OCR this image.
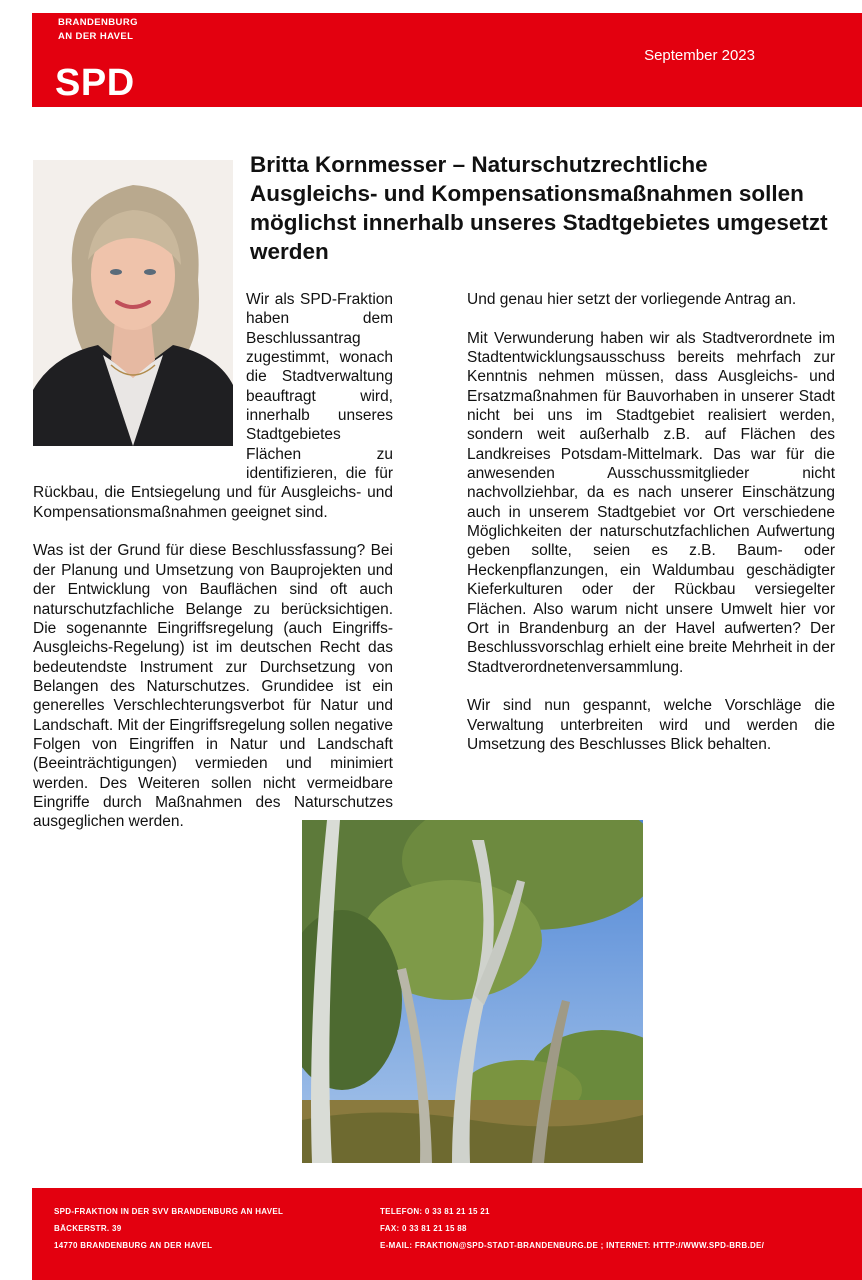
BRANDENBURG
AN DER HAVEL
SPD
September 2023
Britta Kornmesser – Naturschutzrechtliche Ausgleichs- und Kompensationsmaßnahmen sollen möglichst innerhalb unseres Stadtgebietes umgesetzt werden

Wir als SPD-Fraktion haben dem Beschlussantrag zugestimmt, wonach die Stadtverwaltung beauftragt wird, innerhalb unseres Stadtgebietes Flächen zu identifizieren, die für Rückbau, die Entsiegelung und für Ausgleichs- und Kompensationsmaßnahmen geeignet sind.

Was ist der Grund für diese Beschlussfassung? Bei der Planung und Umsetzung von Bauprojekten und der Entwicklung von Bauflächen sind oft auch naturschutzfachliche Belange zu berücksichtigen. Die sogenannte Eingriffsregelung (auch Eingriffs-Ausgleichs-Regelung) ist im deutschen Recht das bedeutendste Instrument zur Durchsetzung von Belangen des Naturschutzes. Grundidee ist ein generelles Verschlechterungsverbot für Natur und Landschaft. Mit der Eingriffsregelung sollen negative Folgen von Eingriffen in Natur und Landschaft (Beeinträchtigungen) vermieden und minimiert werden. Des Weiteren sollen nicht vermeidbare Eingriffe durch Maßnahmen des Naturschutzes ausgeglichen werden.

Und genau hier setzt der vorliegende Antrag an.

Mit Verwunderung haben wir als Stadtverordnete im Stadtentwicklungsausschuss bereits mehrfach zur Kenntnis nehmen müssen, dass Ausgleichs- und Ersatzmaßnahmen für Bauvorhaben in unserer Stadt nicht bei uns im Stadtgebiet realisiert werden, sondern weit außerhalb z.B. auf Flächen des Landkreises Potsdam-Mittelmark. Das war für die anwesenden Ausschussmitglieder nicht nachvollziehbar, da es nach unserer Einschätzung auch in unserem Stadtgebiet vor Ort verschiedene Möglichkeiten der naturschutzfachlichen Aufwertung geben sollte, seien es z.B. Baum- oder Heckenpflanzungen, ein Waldumbau geschädigter Kieferkulturen oder der Rückbau versiegelter Flächen. Also warum nicht unsere Umwelt hier vor Ort in Brandenburg an der Havel aufwerten? Der Beschlussvorschlag erhielt eine breite Mehrheit in der Stadtverordnetenversammlung.

Wir sind nun gespannt, welche Vorschläge die Verwaltung unterbreiten wird und werden die Umsetzung des Beschlusses Blick behalten.

SPD-FRAKTION IN DER SVV BRANDENBURG AN HAVEL
BÄCKERSTR. 39
14770 BRANDENBURG AN DER HAVEL
TELEFON: 0 33 81 21 15 21
FAX: 0 33 81 21 15 88
E-MAIL: FRAKTION@SPD-STADT-BRANDENBURG.DE ; INTERNET: HTTP://WWW.SPD-BRB.DE/
